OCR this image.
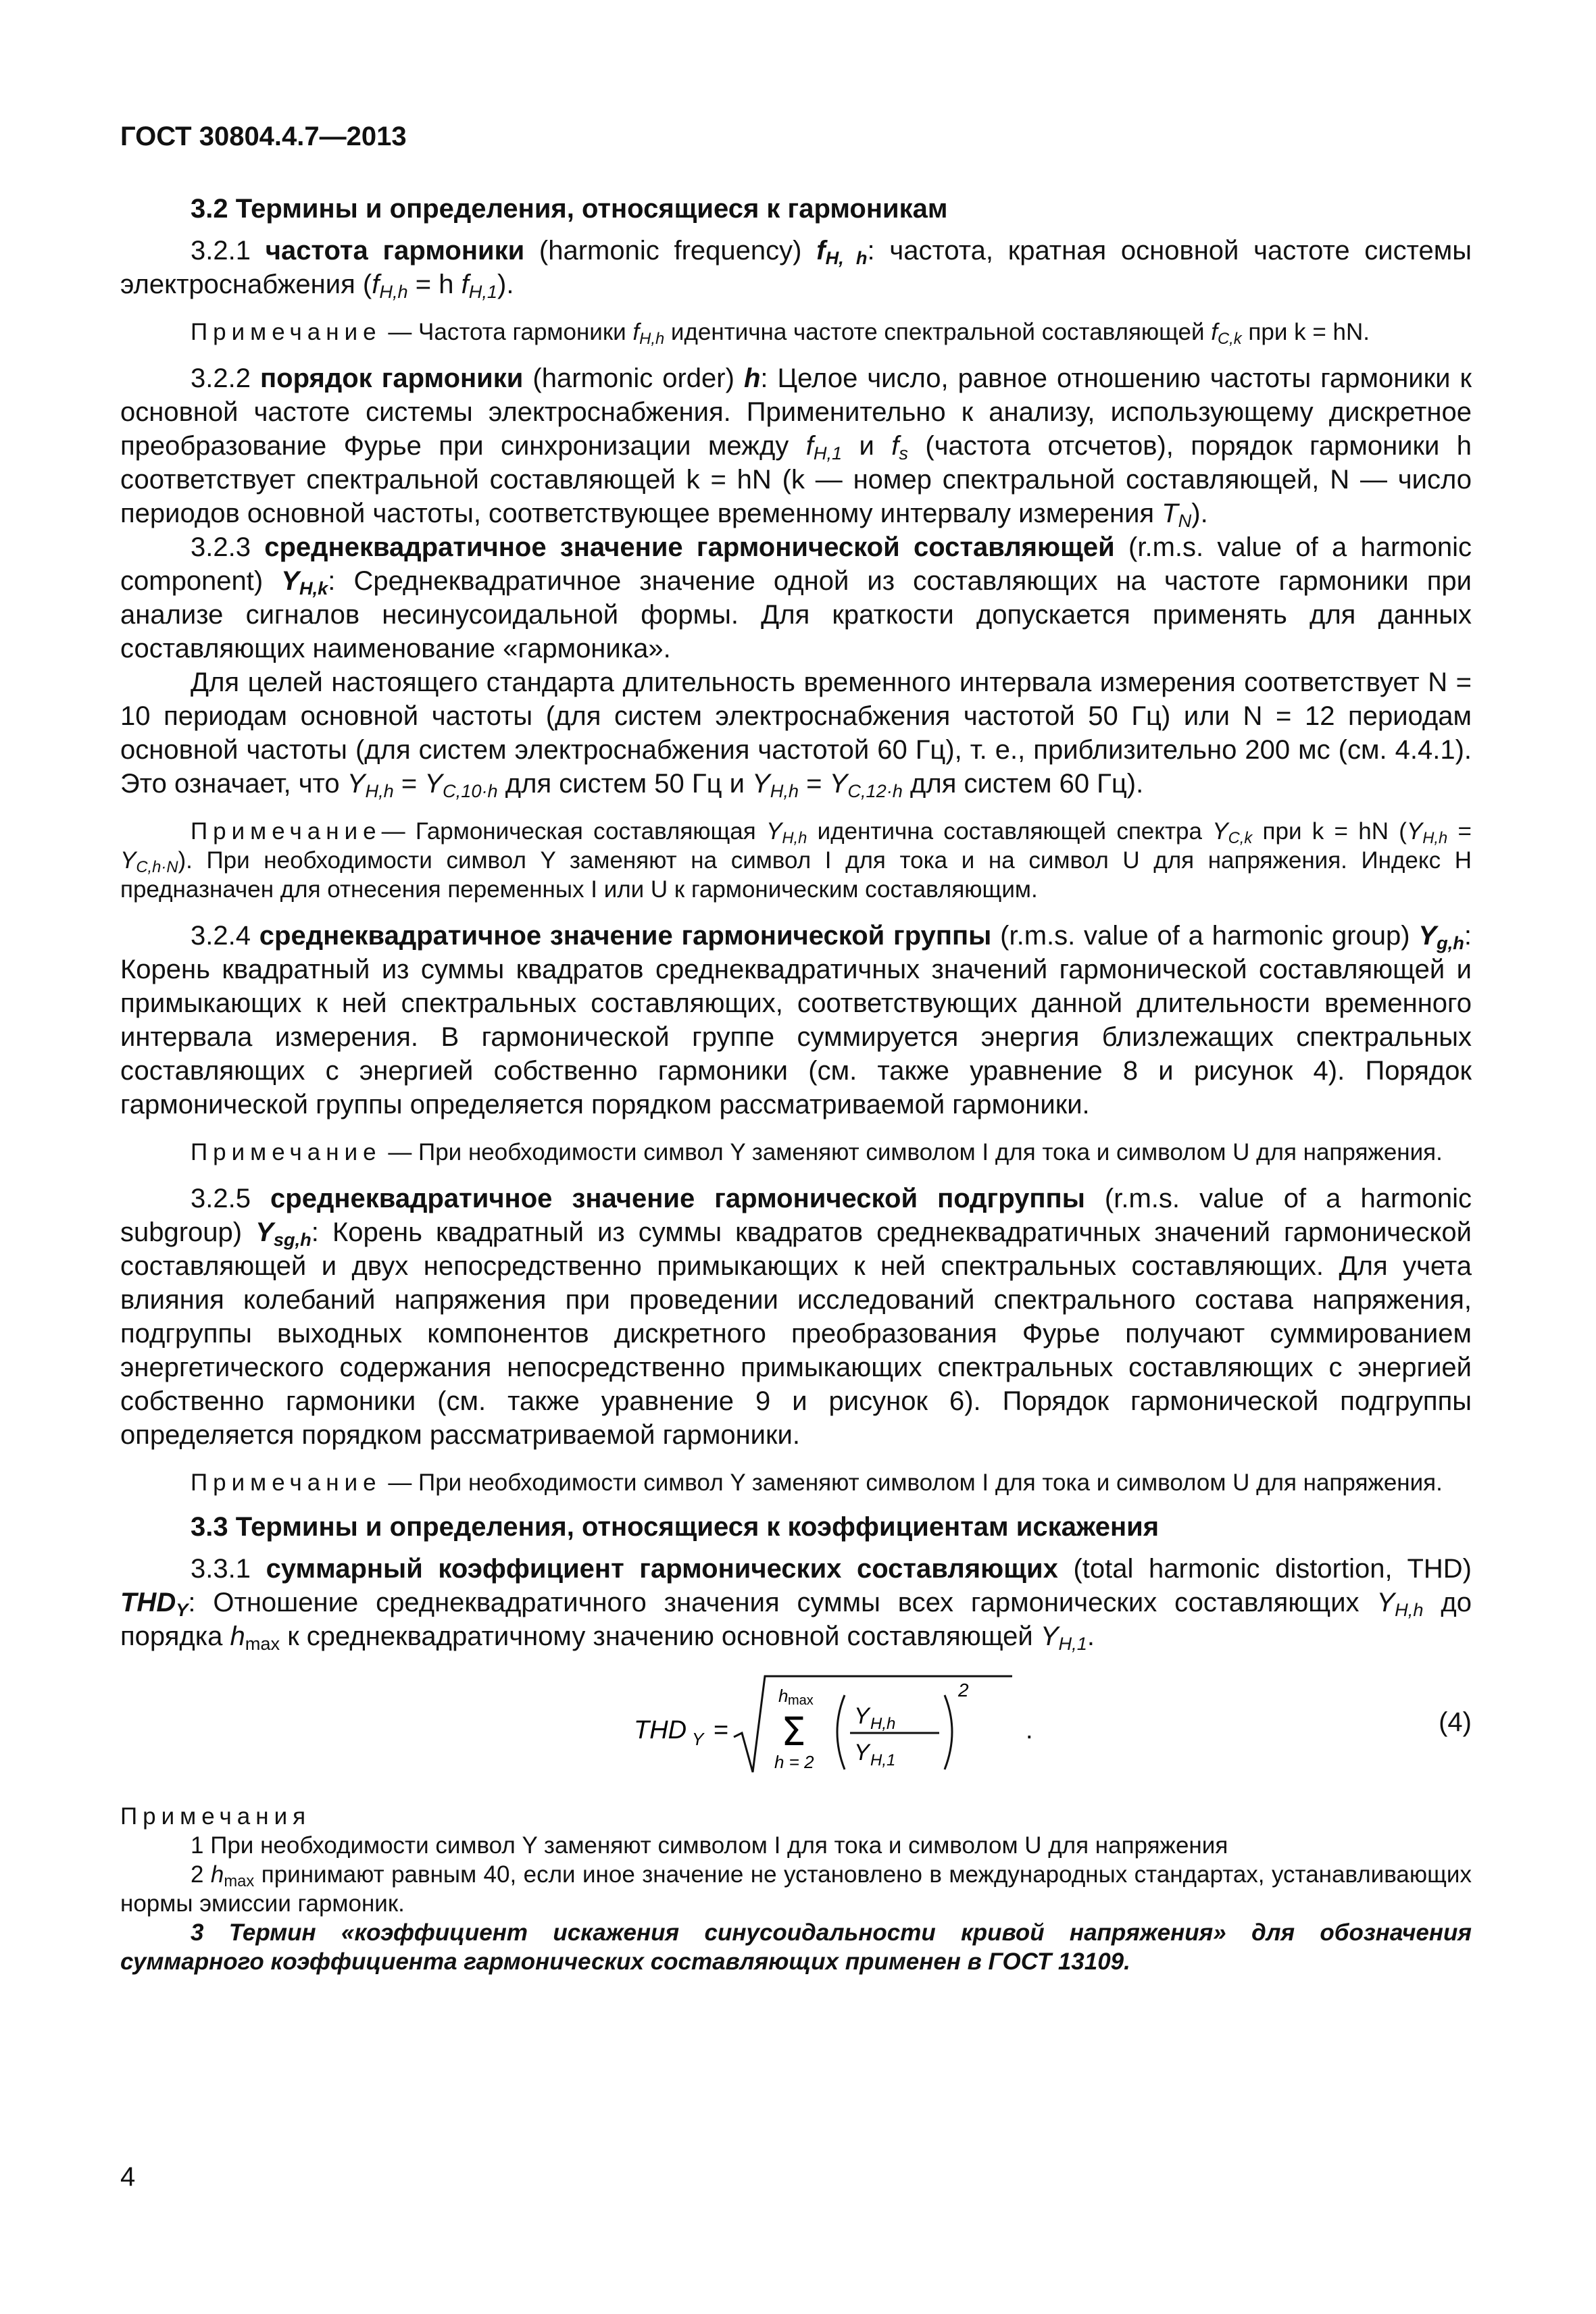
ГОСТ 30804.4.7—2013
3.2 Термины и определения, относящиеся к гармоникам

3.2.1 частота гармоники (harmonic frequency) $f_{H, h}$: частота, кратная основной частоте системы электроснабжения ($f_{H,h} = h$ $f_{H,1}$).

Примечание — Частота гармоники $f_{H,h}$ идентична частоте спектральной составляющей $f_{C,k}$ при k = hN.

3.2.2 порядок гармоники (harmonic order) h: Целое число, равное отношению частоты гармоники к основной частоте системы электроснабжения. Применительно к анализу, использующему дискретное преобразование Фурье при синхронизации между $f_{H,1}$ и $f_s$ (частота отсчетов), порядок гармоники h соответствует спектральной составляющей k = hN (k — номер спектральной составляющей, N — число периодов основной частоты, соответствующее временному интервалу измерения $T_N$).

3.2.3 среднеквадратичное значение гармонической составляющей (r.m.s. value of a harmonic component) $Y_{H,k}$: Среднеквадратичное значение одной из составляющих на частоте гармоники при анализе сигналов несинусоидальной формы. Для краткости допускается применять для данных составляющих наименование «гармоника».

Для целей настоящего стандарта длительность временного интервала измерения соответствует N = 10 периодам основной частоты (для систем электроснабжения частотой 50 Гц) или N = 12 периодам основной частоты (для систем электроснабжения частотой 60 Гц), т. е., приблизительно 200 мс (см. 4.4.1). Это означает, что $Y_{H,h} = Y_{C,10\cdot h}$ для систем 50 Гц и $Y_{H,h} = Y_{C,12\cdot h}$ для систем 60 Гц).

Примечание— Гармоническая составляющая $Y_{H,h}$ идентична составляющей спектра $Y_{C,k}$ при k = hN $(Y_{H,h} = Y_{C,h\cdot N})$. При необходимости символ Y заменяют на символ I для тока и на символ U для напряжения. Индекс H предназначен для отнесения переменных I или U к гармоническим составляющим.

3.2.4 среднеквадратичное значение гармонической группы (r.m.s. value of a harmonic group) $Y_{g,h}$: Корень квадратный из суммы квадратов среднеквадратичных значений гармонической составляющей и примыкающих к ней спектральных составляющих, соответствующих данной длительности временного интервала измерения. В гармонической группе суммируется энергия близлежащих спектральных составляющих с энергией собственно гармоники (см. также уравнение 8 и рисунок 4). Порядок гармонической группы определяется порядком рассматриваемой гармоники.

Примечание — При необходимости символ Y заменяют символом I для тока и символом U для напряжения.

3.2.5 среднеквадратичное значение гармонической подгруппы (r.m.s. value of a harmonic subgroup) $Y_{sg,h}$: Корень квадратный из суммы квадратов среднеквадратичных значений гармонической составляющей и двух непосредственно примыкающих к ней спектральных составляющих. Для учета влияния колебаний напряжения при проведении исследований спектрального состава напряжения, подгруппы выходных компонентов дискретного преобразования Фурье получают суммированием энергетического содержания непосредственно примыкающих спектральных составляющих с энергией собственно гармоники (см. также уравнение 9 и рисунок 6). Порядок гармонической подгруппы определяется порядком рассматриваемой гармоники.

Примечание — При необходимости символ Y заменяют символом I для тока и символом U для напряжения.

3.3 Термины и определения, относящиеся к коэффициентам искажения

3.3.1 суммарный коэффициент гармонических составляющих (total harmonic distortion, THD) $THD_Y$: Отношение среднеквадратичного значения суммы всех гармонических составляющих $Y_{H,h}$ до порядка $h_{max}$ к среднеквадратичному значению основной составляющей $Y_{H,1}$.

THD Y =
h max
Σ
h = 2
Y H,h
Y H,1
2
.	(4)
Примечания

1 При необходимости символ Y заменяют символом I для тока и символом U для напряжения

2 $h_{max}$ принимают равным 40, если иное значение не установлено в международных стандартах, устанавливающих нормы эмиссии гармоник.

3 Термин «коэффициент искажения синусоидальности кривой напряжения» для обозначения суммарного коэффициента гармонических составляющих применен в ГОСТ 13109.

4
